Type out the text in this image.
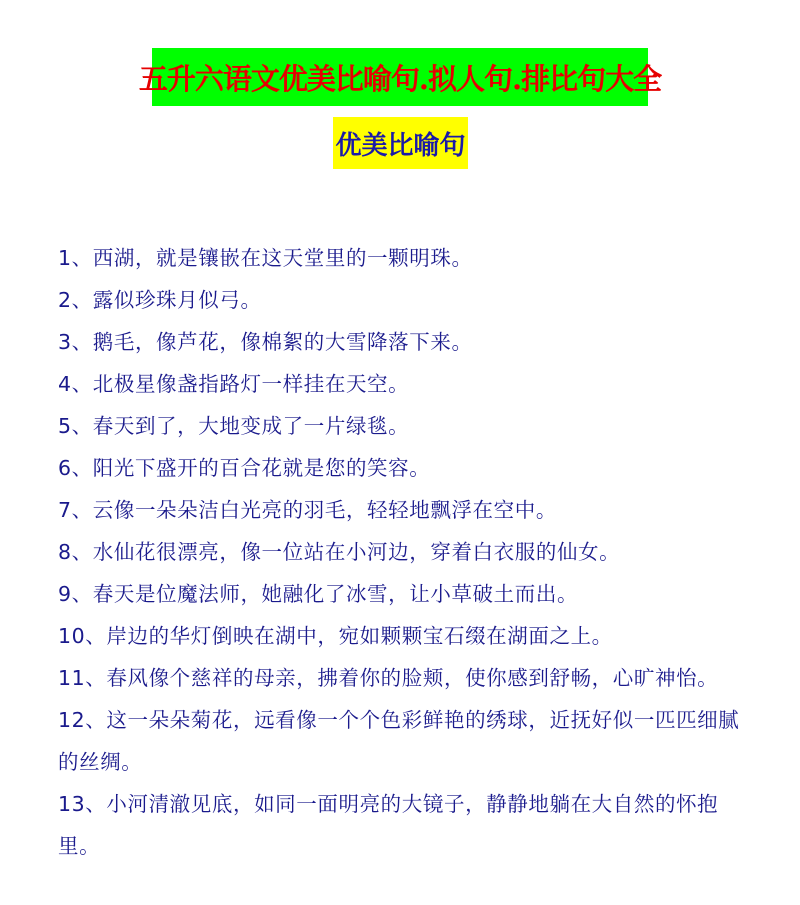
五升六语文优美比喻句.拟人句.排比句大全
优美比喻句
1、西湖，就是镶嵌在这天堂里的一颗明珠。
2、露似珍珠月似弓。
3、鹅毛，像芦花，像棉絮的大雪降落下来。
4、北极星像盏指路灯一样挂在天空。
5、春天到了，大地变成了一片绿毯。
6、阳光下盛开的百合花就是您的笑容。
7、云像一朵朵洁白光亮的羽毛，轻轻地飘浮在空中。
8、水仙花很漂亮，像一位站在小河边，穿着白衣服的仙女。
9、春天是位魔法师，她融化了冰雪，让小草破土而出。
10、岸边的华灯倒映在湖中，宛如颗颗宝石缀在湖面之上。
11、春风像个慈祥的母亲，拂着你的脸颊，使你感到舒畅，心旷神怡。
12、这一朵朵菊花，远看像一个个色彩鲜艳的绣球，近抚好似一匹匹细腻的丝绸。
13、小河清澈见底，如同一面明亮的大镜子，静静地躺在大自然的怀抱里。
